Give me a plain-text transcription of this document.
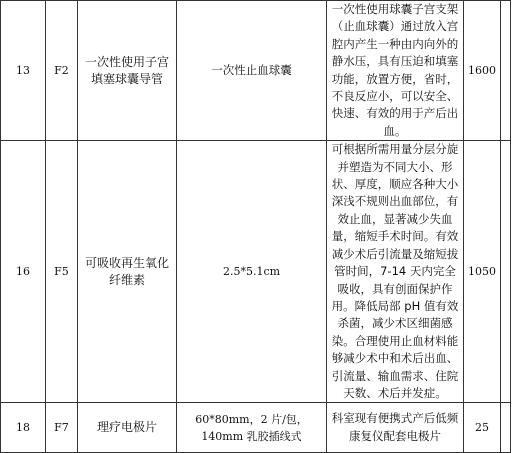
13	F2	一次性使用子宫填塞球囊导管	一次性止血球囊	一次性使用球囊子宫支架（止血球囊）通过放入宫腔内产生一种由内向外的静水压，具有压迫和填塞功能，放置方便，省时，不良反应小，可以安全、快速、有效的用于产后出血。	1600	
16	F5	可吸收再生氧化纤维素	2.5*5.1cm	可根据所需用量分层分旋并塑造为不同大小、形状、厚度，顺应各种大小深浅不规则出血部位，有效止血，显著减少失血量，缩短手术时间。有效减少术后引流量及缩短拔管时间，7-14 天内完全吸收，具有创面保护作用。降低局部 pH 值有效杀菌，减少术区细菌感染。合理使用止血材料能够减少术中和术后出血、引流量、输血需求、住院天数、术后并发症。	1050	
18	F7	理疗电极片	60*80mm，2 片/包，140mm 乳胶插线式	科室现有便携式产后低频康复仪配套电极片	25	
